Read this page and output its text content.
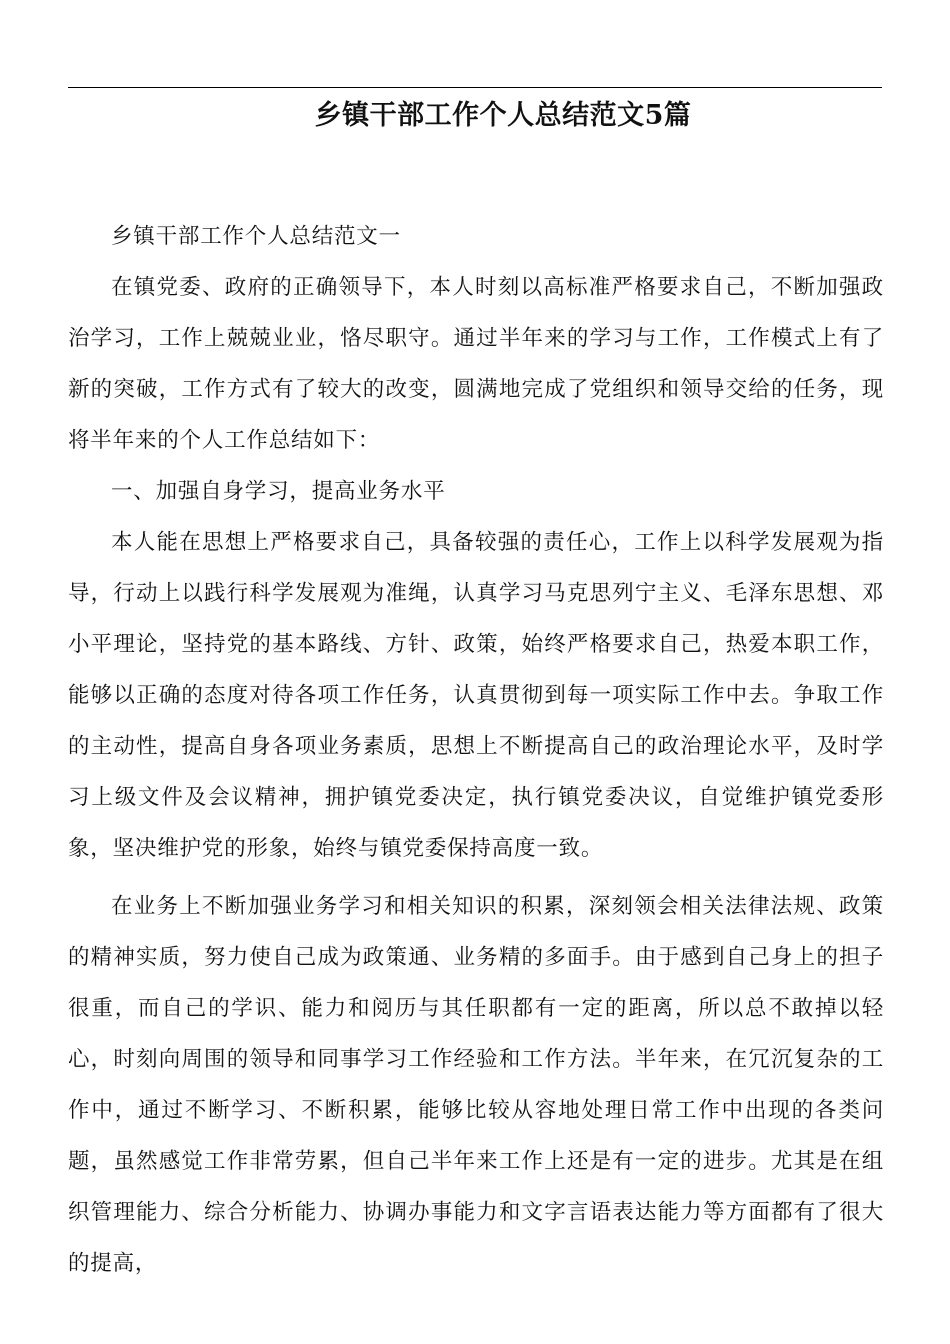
乡镇干部工作个人总结范文5篇

乡镇干部工作个人总结范文一

在镇党委、政府的正确领导下，本人时刻以高标准严格要求自己，不断加强政治学习，工作上兢兢业业，恪尽职守。通过半年来的学习与工作，工作模式上有了新的突破，工作方式有了较大的改变，圆满地完成了党组织和领导交给的任务，现将半年来的个人工作总结如下：

一、加强自身学习，提高业务水平

本人能在思想上严格要求自己，具备较强的责任心，工作上以科学发展观为指导，行动上以践行科学发展观为准绳，认真学习马克思列宁主义、毛泽东思想、邓小平理论，坚持党的基本路线、方针、政策，始终严格要求自己，热爱本职工作，能够以正确的态度对待各项工作任务，认真贯彻到每一项实际工作中去。争取工作的主动性，提高自身各项业务素质，思想上不断提高自己的政治理论水平，及时学习上级文件及会议精神，拥护镇党委决定，执行镇党委决议，自觉维护镇党委形象，坚决维护党的形象，始终与镇党委保持高度一致。

在业务上不断加强业务学习和相关知识的积累，深刻领会相关法律法规、政策的精神实质，努力使自己成为政策通、业务精的多面手。由于感到自己身上的担子很重，而自己的学识、能力和阅历与其任职都有一定的距离，所以总不敢掉以轻心，时刻向周围的领导和同事学习工作经验和工作方法。半年来，在冗沉复杂的工作中，通过不断学习、不断积累，能够比较从容地处理日常工作中出现的各类问题，虽然感觉工作非常劳累，但自己半年来工作上还是有一定的进步。尤其是在组织管理能力、综合分析能力、协调办事能力和文字言语表达能力等方面都有了很大的提高，
